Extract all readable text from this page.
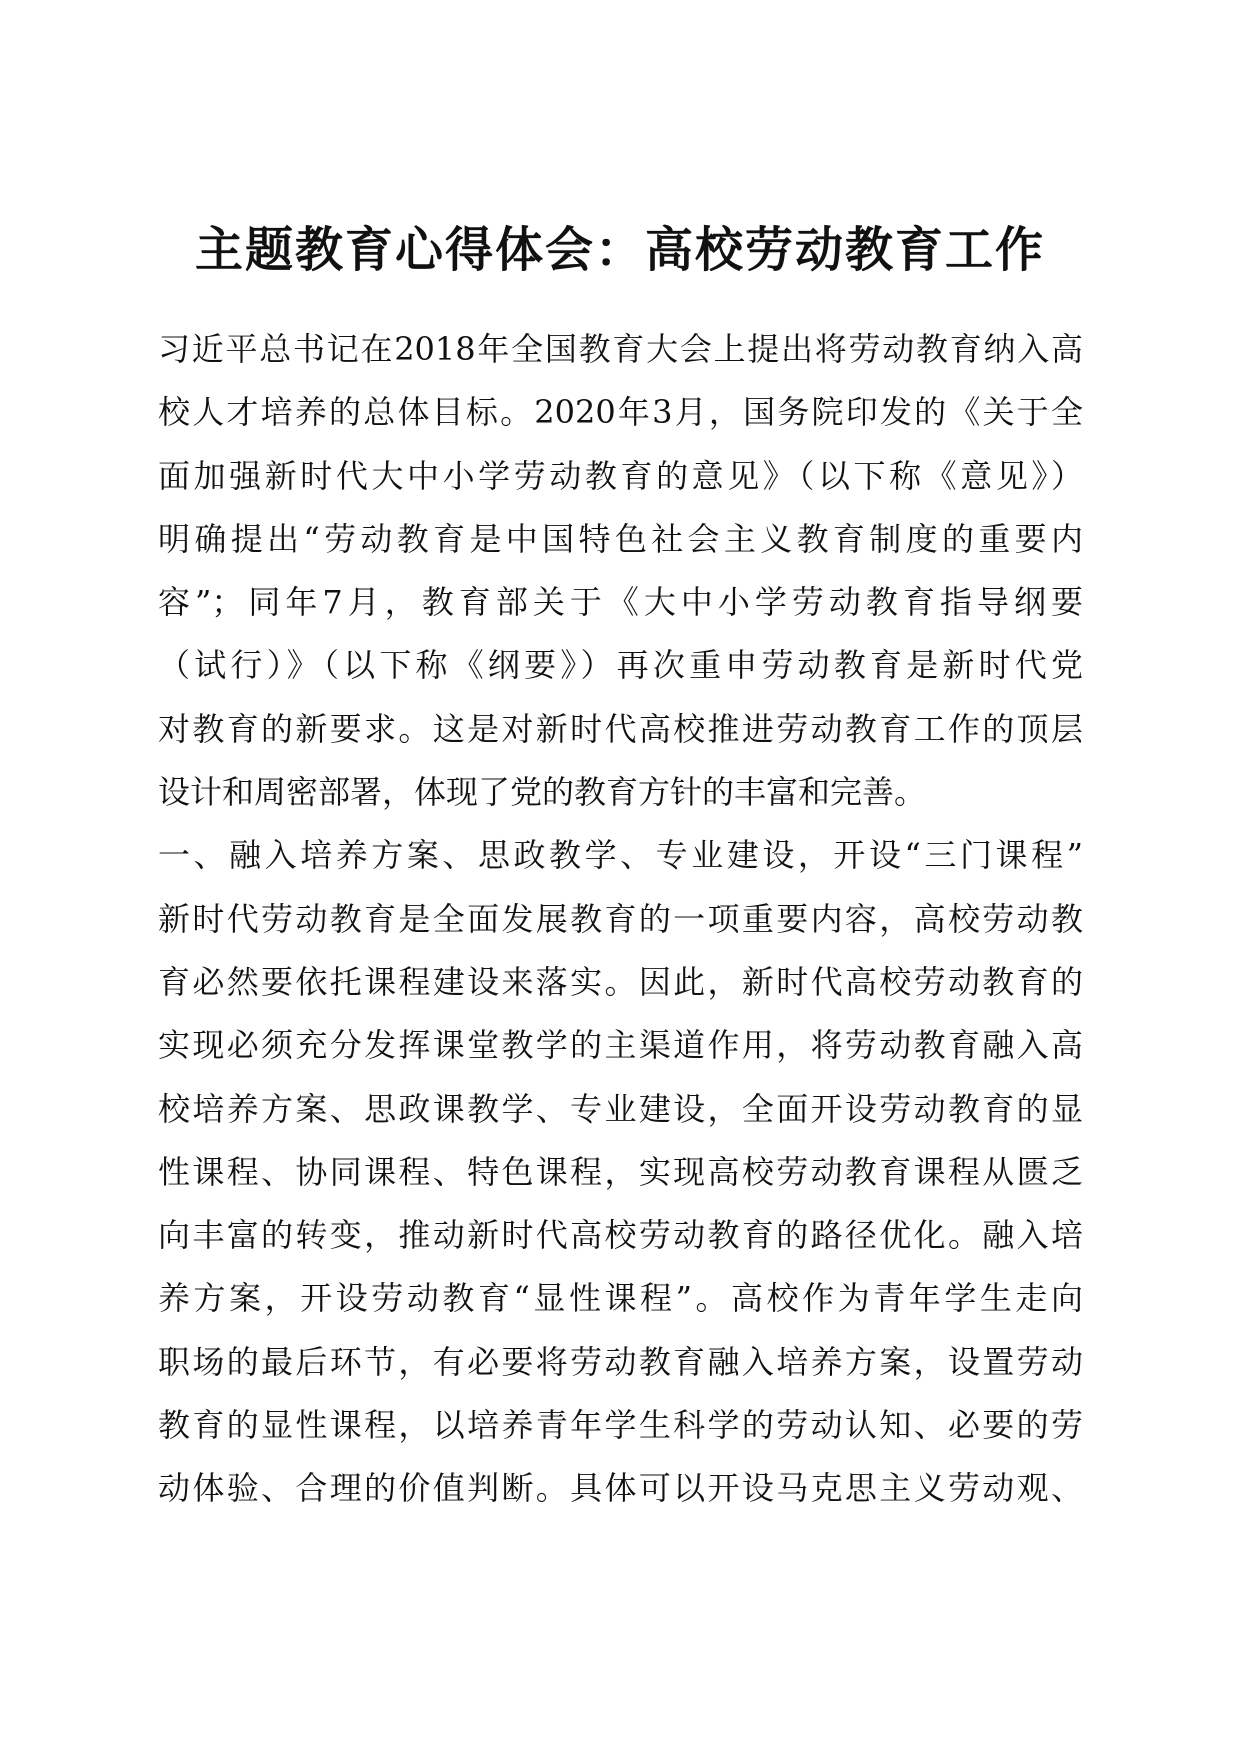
主题教育心得体会：高校劳动教育工作
习近平总书记在2018年全国教育大会上提出将劳动教育纳入高
校人才培养的总体目标。2020年3月，国务院印发的《关于全
面加强新时代大中小学劳动教育的意见》（以下称《意见》）
明确提出“劳动教育是中国特色社会主义教育制度的重要内
容”；同年7月，教育部关于《大中小学劳动教育指导纲要
（试行）》（以下称《纲要》）再次重申劳动教育是新时代党
对教育的新要求。这是对新时代高校推进劳动教育工作的顶层
设计和周密部署，体现了党的教育方针的丰富和完善。
一、融入培养方案、思政教学、专业建设，开设“三门课程”
新时代劳动教育是全面发展教育的一项重要内容，高校劳动教
育必然要依托课程建设来落实。因此，新时代高校劳动教育的
实现必须充分发挥课堂教学的主渠道作用，将劳动教育融入高
校培养方案、思政课教学、专业建设，全面开设劳动教育的显
性课程、协同课程、特色课程，实现高校劳动教育课程从匮乏
向丰富的转变，推动新时代高校劳动教育的路径优化。融入培
养方案，开设劳动教育“显性课程”。高校作为青年学生走向
职场的最后环节，有必要将劳动教育融入培养方案，设置劳动
教育的显性课程，以培养青年学生科学的劳动认知、必要的劳
动体验、合理的价值判断。具体可以开设马克思主义劳动观、
